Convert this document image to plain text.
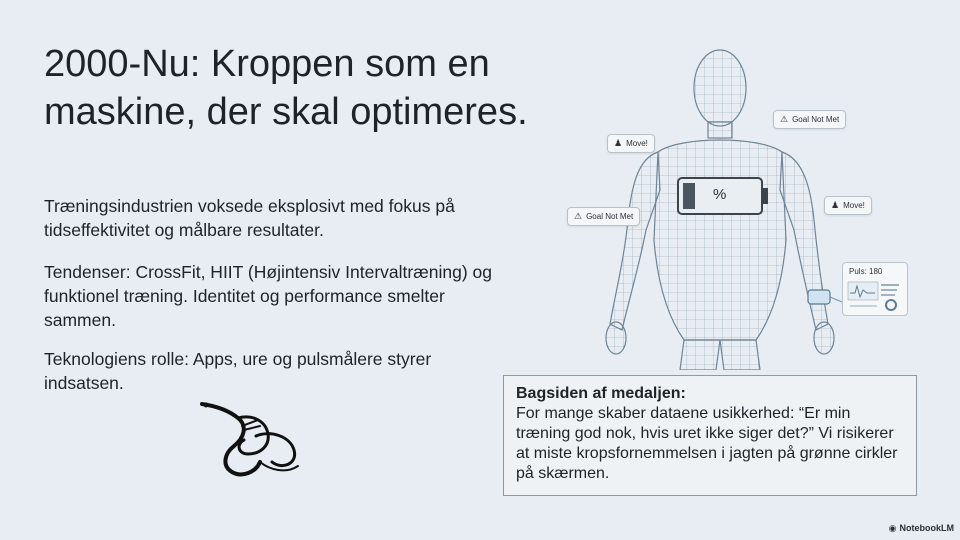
2000-Nu: Kroppen som en maskine, der skal optimeres.

Træningsindustrien voksede eksplosivt med fokus på tidseffektivitet og målbare resultater.

Tendenser: CrossFit, HIIT (Højintensiv Intervaltræning) og funktionel træning. Identitet og performance smelter sammen.

Teknologiens rolle: Apps, ure og pulsmålere styrer indsatsen.

%
⚠ Goal Not Met
♟ Move!
⚠ Goal Not Met
♟ Move!
Puls: 180

Bagsiden af medaljen:

For mange skaber dataene usikkerhed: “Er min træning god nok, hvis uret ikke siger det?” Vi risikerer at miste kropsfornemmelsen i jagten på grønne cirkler på skærmen.

◉ NotebookLM
